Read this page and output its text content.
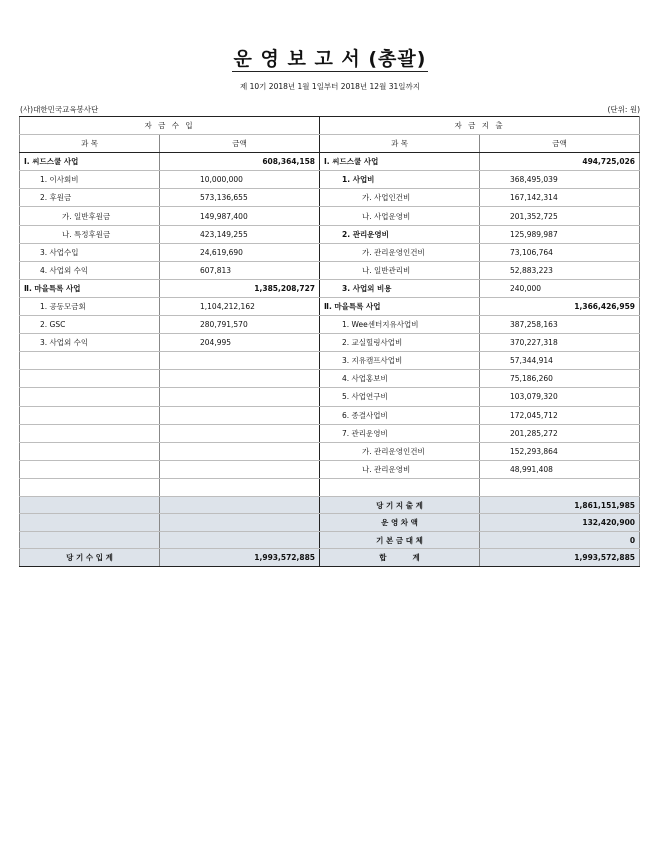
운 영 보 고 서 (총괄)
제 10기 2018년 1월 1일부터 2018년 12월 31일까지
(사)대한민국교육봉사단	(단위: 원)
자 금 수 입		자 금 지 출	
과 목	금액	과 목	금액
Ⅰ. 씨드스쿨 사업	608,364,158	Ⅰ. 씨드스쿨 사업	494,725,026
1. 이사회비	10,000,000	1. 사업비	368,495,039
2. 후원금	573,136,655	가. 사업인건비	167,142,314
가. 일반후원금	149,987,400	나. 사업운영비	201,352,725
나. 특정후원금	423,149,255	2. 관리운영비	125,989,987
3. 사업수입	24,619,690	가. 관리운영인건비	73,106,764
4. 사업외 수익	607,813	나. 일반관리비	52,883,223
Ⅱ. 마을특록 사업	1,385,208,727	3. 사업외 비용	240,000
1. 공동모금회	1,104,212,162	Ⅱ. 마을특록 사업	1,366,426,959
2. GSC	280,791,570	1. Wee센터지유사업비	387,258,163
3. 사업외 수익	204,995	2. 교실힐링사업비	370,227,318
		3. 지유캠프사업비	57,344,914
		4. 사업홍보비	75,186,260
		5. 사업연구비	103,079,320
		6. 종결사업비	172,045,712
		7. 관리운영비	201,285,272
		가. 관리운영인건비	152,293,864
		나. 관리운영비	48,991,408

		당 기 지 출 계	1,861,151,985
		운 영 차 액	132,420,900
		기 본 금 대 체	0
당 기 수 입 계	1,993,572,885	합          계	1,993,572,885
